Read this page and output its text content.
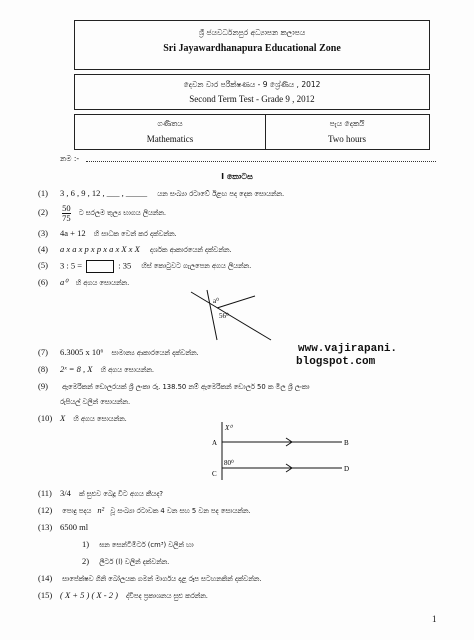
ශ්‍රී ජයවර්ධනපුර අධ්‍යාපන කලාපය
Sri Jayawardhanapura Educational Zone
දෙවන වාර පරීක්ෂණය - 9 ශ්‍රේණිය , 2012
Second Term Test - Grade 9 , 2012
ගණිතය
Mathematics
පැය දෙකයි
Two hours
නම :-
I කොටස
(1) 3 , 6 , 9 , 12 , ___ , _____ යන සංඛ්‍යා රටාවේ ඊළඟ පද දෙක සොයන්න.
$(2) \frac{50}{75}$ ට සරලම තුල්‍ය භාගය ලියන්න.
(3) 4a + 12 හි සාධක වෙන් කර දක්වන්න.
(4) a x a x p x p x a x X x X දර්ශක ආකාරයෙන් දක්වන්න.
(5) 3 : 5 =	: 35 හිස් කොටුවට ගැලපෙන අගය ලියන්න.
(6) a⁰ හි අගය සොයන්න.
a⁰
56⁰
(7) 6.3005 x 10⁶ සාමාන්‍ය ආකාරයෙන් දක්වන්න.	www.vajirapani.
blogspot.com
(8) 2ˣ = 8 , X හි අගය සොයන්න.
(9) ඇමෙරිකන් ඩොලරයක් ශ්‍රී ලංකා රු. 138.50 නම් ඇමෙරිකන් ඩොලර් 50 ක මිල ශ්‍රී ලංකා
රුපියල් වලින් සොයන්න.
(10) X හි අගය සොයන්න.
X⁰
80⁰
A	B
C
D
(11) 3/4 ක් සුළුව බෙදූ විට අගය කීයද?
(12) පොදු පදය n² වූ සංඛ්‍යා රටාවක 4 වන සහ 5 වන පද සොයන්න.
(13) 6500 ml
1) ඝන සෙන්ටිමීටර් (cm³) වලින් හා
2) ලීටර් (l) වලින් දක්වන්න.
(14) සාපේක්ෂව ගිනි බෝලයක ගමන් මාර්ගය දළ රූප සටහනකින් දක්වන්න.
(15) ( X + 5 ) ( X - 2 ) ද්විපද ප්‍රකාශනය සුළු කරන්න.
1
